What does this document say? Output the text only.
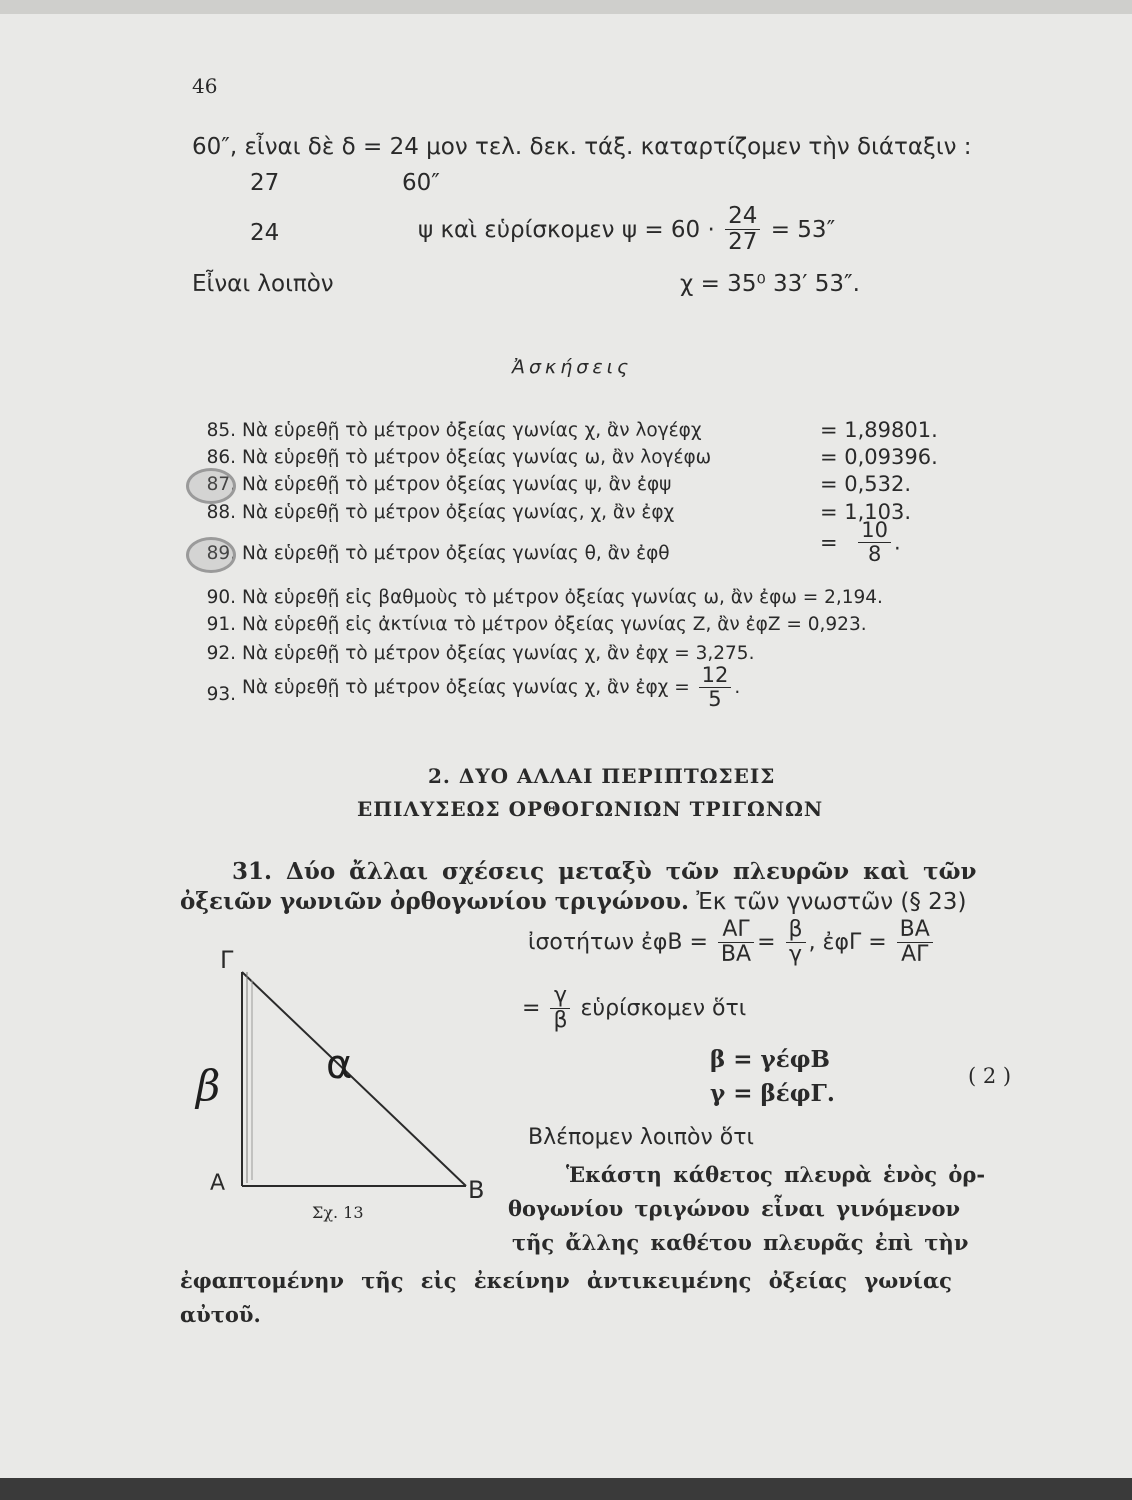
46
60″, εἶναι δὲ δ = 24 μον τελ. δεκ. τάξ. καταρτίζομεν τὴν διάταξιν :
27	60″
24	ψ καὶ εὑρίσκομεν $\psi = 60 \cdot \frac{24}{27} = 53''$
Εἶναι λοιπὸν	χ = 35⁰ 33′ 53″.
Ἀσκήσεις
85. Νὰ εὑρεθῇ τὸ μέτρον ὀξείας γωνίας χ, ἂν λογέφχ	= 1,89801.
86. Νὰ εὑρεθῇ τὸ μέτρον ὀξείας γωνίας ω, ἂν λογέφω	= 0,09396.
87. Νὰ εὑρεθῇ τὸ μέτρον ὀξείας γωνίας ψ, ἂν ἐφψ	= 0,532.
88. Νὰ εὑρεθῇ τὸ μέτρον ὀξείας γωνίας, χ, ἂν ἐφχ	= 1,103.
89. Νὰ εὑρεθῇ τὸ μέτρον ὀξείας γωνίας θ, ἂν ἐφθ	= $\frac{10}{8}$ .
90. Νὰ εὑρεθῇ εἰς βαθμοὺς τὸ μέτρον ὀξείας γωνίας ω, ἂν ἐφω = 2,194.
91. Νὰ εὑρεθῇ εἰς ἀκτίνια τὸ μέτρον ὀξείας γωνίας Ζ, ἂν ἐφΖ = 0,923.
92. Νὰ εὑρεθῇ τὸ μέτρον ὀξείας γωνίας χ, ἂν ἐφχ = 3,275.
93. Νὰ εὑρεθῇ τὸ μέτρον ὀξείας γωνίας χ, ἂν ἐφχ = $\frac{12}{5}$ .
2. ΔΥΟ ΑΛΛΑΙ ΠΕΡΙΠΤΩΣΕΙΣ
ΕΠΙΛΥΣΕΩΣ ΟΡΘΟΓΩΝΙΩΝ ΤΡΙΓΩΝΩΝ
31. Δύο ἄλλαι σχέσεις μεταξὺ τῶν πλευρῶν καὶ τῶν
ὀξειῶν γωνιῶν ὀρθογωνίου τριγώνου. Ἐκ τῶν γνωστῶν (§ 23)
ἰσοτήτων ἐφΒ = $\frac{A\Gamma}{BA} = \frac{\beta}{\gamma}$ , ἐφΓ = $\frac{BA}{A\Gamma}$
= $\frac{\gamma}{\beta}$ εὑρίσκομεν ὅτι
β = γέφΒ
γ = βέφΓ.
( 2 )
Βλέπομεν λοιπὸν ὅτι
Ἑκάστη κάθετος πλευρὰ ἑνὸς ὀρ-
θογωνίου τριγώνου εἶναι γινόμενον
τῆς ἄλλης καθέτου πλευρᾶς ἐπὶ τὴν
ἐφαπτομένην τῆς εἰς ἐκείνην ἀντικειμένης ὀξείας γωνίας
αὐτοῦ.
Γ
Α	Β
β	α
Σχ. 13
